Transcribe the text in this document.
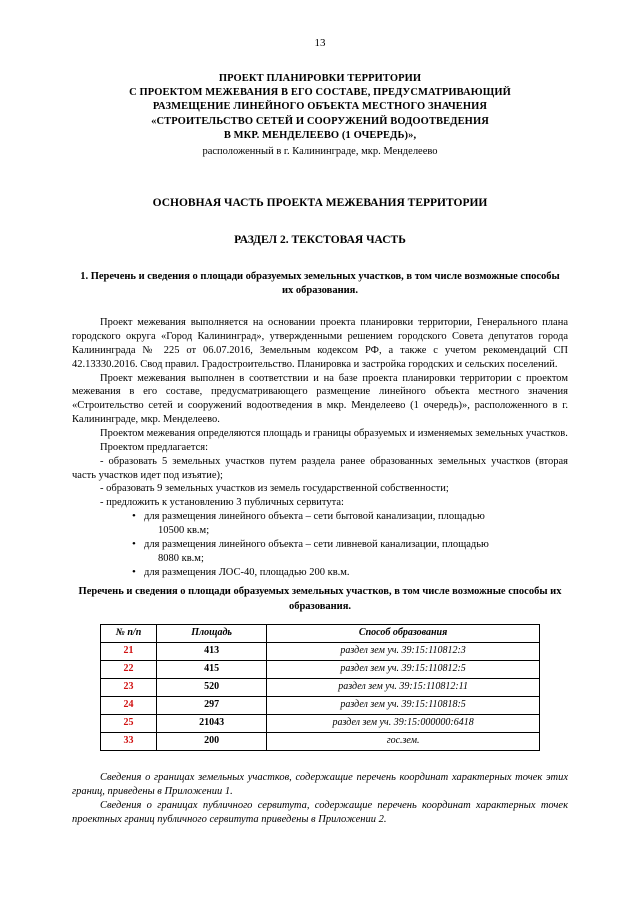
13
ПРОЕКТ ПЛАНИРОВКИ ТЕРРИТОРИИ
С ПРОЕКТОМ МЕЖЕВАНИЯ В ЕГО СОСТАВЕ, ПРЕДУСМАТРИВАЮЩИЙ
РАЗМЕЩЕНИЕ ЛИНЕЙНОГО ОБЪЕКТА МЕСТНОГО ЗНАЧЕНИЯ
«СТРОИТЕЛЬСТВО СЕТЕЙ И СООРУЖЕНИЙ ВОДООТВЕДЕНИЯ
В МКР. МЕНДЕЛЕЕВО (1 ОЧЕРЕДЬ)»,
расположенный в г. Калининграде, мкр. Менделеево
ОСНОВНАЯ ЧАСТЬ ПРОЕКТА МЕЖЕВАНИЯ ТЕРРИТОРИИ
РАЗДЕЛ 2. ТЕКСТОВАЯ ЧАСТЬ
1. Перечень и сведения о площади образуемых земельных участков, в том числе возможные способы их образования.

Проект межевания выполняется на основании проекта планировки территории, Генерального плана городского округа «Город Калининград», утвержденными решением городского Совета депутатов города Калининграда № 225 от 06.07.2016, Земельным кодексом РФ, а также с учетом рекомендаций СП 42.13330.2016. Свод правил. Градостроительство. Планировка и застройка городских и сельских поселений.

Проект межевания выполнен в соответствии и на базе проекта планировки территории с проектом межевания в его составе, предусматривающего размещение линейного объекта местного значения «Строительство сетей и сооружений водоотведения в мкр. Менделеево (1 очередь)», расположенного в г. Калининграде, мкр. Менделеево.

Проектом межевания определяются площадь и границы образуемых и изменяемых земельных участков.

Проектом предлагается:

- образовать 5 земельных участков путем раздела ранее образованных земельных участков (вторая часть участков идет под изъятие);

- образовать 9 земельных участков из земель государственной собственности;

- предложить к установлению 3 публичных сервитута:

• для размещения линейного объекта – сети бытовой канализации, площадью
10500 кв.м;
• для размещения линейного объекта – сети ливневой канализации, площадью
8080 кв.м;
• для размещения ЛОС-40, площадью 200 кв.м.
Перечень и сведения о площади образуемых земельных участков, в том числе возможные способы их образования.
№ п/п	Площадь	Способ образования
21	413	раздел зем уч. 39:15:110812:3
22	415	раздел зем уч. 39:15:110812:5
23	520	раздел зем уч. 39:15:110812:11
24	297	раздел зем уч. 39:15:110818:5
25	21043	раздел зем уч. 39:15:000000:6418
33	200	гос.зем.

Сведения о границах земельных участков, содержащие перечень координат характерных точек этих границ, приведены в Приложении 1.

Сведения о границах публичного сервитута, содержащие перечень координат характерных точек проектных границ публичного сервитута приведены в Приложении 2.
